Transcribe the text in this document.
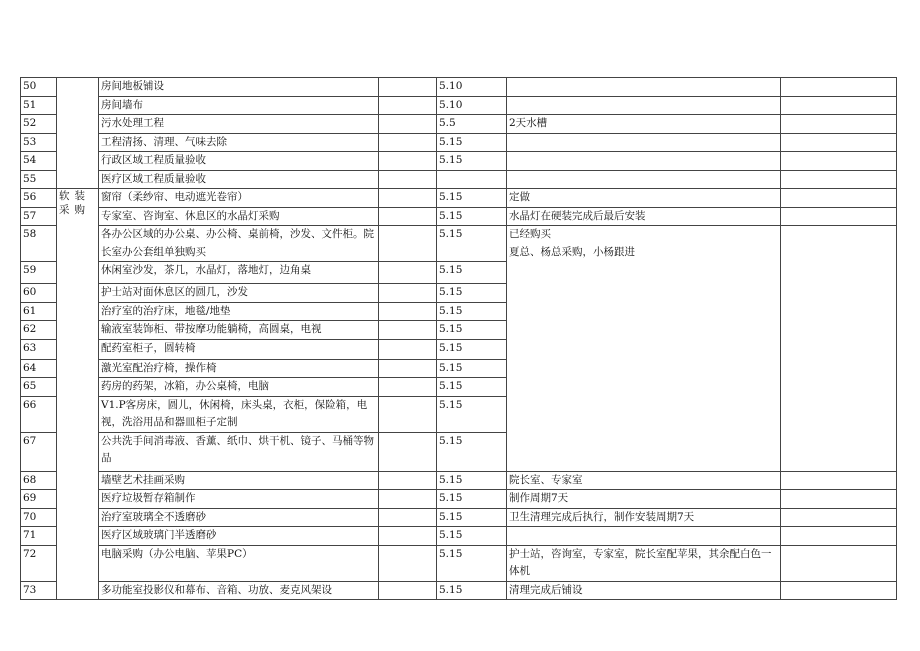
50		房间地板铺设		5.10		
51		房间墙布		5.10		
52		污水处理工程		5.5	2天水槽	
53		工程清扬、清理、气味去除		5.15		
54		行政区域工程质量验收		5.15		
55		医疗区域工程质量验收				
56	软装采购	窗帘（柔纱帘、电动遮光卷帘）		5.15	定做	
57		专家室、咨询室、休息区的水晶灯采购		5.15	水晶灯在硬装完成后最后安装	
58		各办公区域的办公桌、办公椅、桌前椅，沙发、文件柜。院长室办公套组单独购买		5.15	已经购买
夏总、杨总采购，小杨跟进	

59		休闲室沙发，茶几，水晶灯，落地灯，边角桌		5.15		
60		护士站对面休息区的圆几，沙发		5.15		
61		治疗室的治疗床，地毯/地垫		5.15		
62		输液室装饰柜、带按摩功能躺椅，高圆桌，电视		5.15		
63		配药室柜子，圆转椅		5.15		
64		激光室配治疗椅，操作椅		5.15		
65		药房的药架，冰箱，办公桌椅，电脑		5.15		
66		V1.P客房床，圆儿，休闲椅，床头桌，衣柜，保险箱，电视，洗浴用品和器皿柜子定制		5.15		
67		公共洗手间消毒液、香薰、纸巾、烘干机、镜子、马桶等物品		5.15		
68		墙壁艺术挂画采购		5.15	院长室、专家室	
69		医疗垃圾暂存箱制作		5.15	制作周期7天	
70		治疗室玻璃全不透磨砂		5.15	卫生清理完成后执行，制作安装周期7天	
71		医疗区域玻璃门半透磨砂		5.15		
72		电脑采购（办公电脑、苹果PC）		5.15	护士站，咨询室，专家室，院长室配苹果，其余配白色一体机	
73		多功能室投影仪和幕布、音箱、功放、麦克风架设		5.15	清理完成后铺设	
